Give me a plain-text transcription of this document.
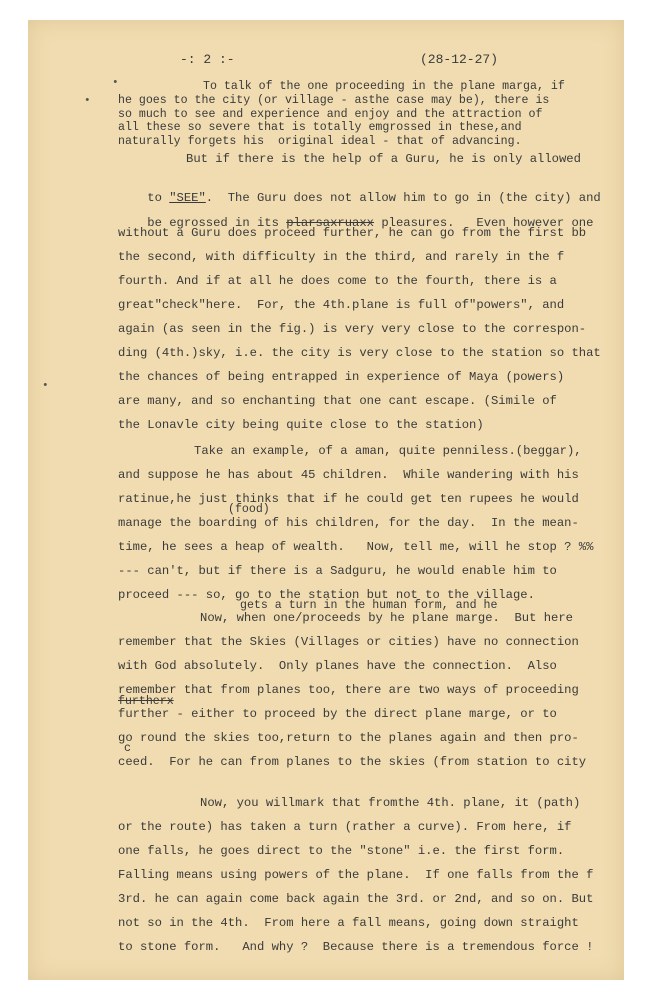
-: 2 :-	(28-12-27)
•
•
•
To talk of the one proceeding in the plane marga, if
he goes to the city (or village - asthe case may be), there is
so much to see and experience and enjoy and the attraction of
all these so severe that is totally emgrossed in these,and
naturally forgets his  original ideal - that of advancing.
But if there is the help of a Guru, he is only allowed

to "SEE".  The Guru does not allow him to go in (the city) and

be egrossed in its plarsaxruaxx pleasures.   Even however one

without a Guru does proceed further, he can go from the first bb
the second, with difficulty in the third, and rarely in the f
fourth. And if at all he does come to the fourth, there is a
great"check"here.  For, the 4th.plane is full of"powers", and
again (as seen in the fig.) is very very close to the correspon-
ding (4th.)sky, i.e. the city is very close to the station so that
the chances of being entrapped in experience of Maya (powers)
are many, and so enchanting that one cant escape. (Simile of
the Lonavle city being quite close to the station)
Take an example, of a aman, quite penniless.(beggar),
and suppose he has about 45 children.  While wandering with his
ratinue,he just thinks that if he could get ten rupees he would
(food)
manage the boarding of his children, for the day.  In the mean-
time, he sees a heap of wealth.   Now, tell me, will he stop ? %%
--- can't, but if there is a Sadguru, he would enable him to
proceed --- so, go to the station but not to the village.
gets a turn in the human form, and he
Now, when one/proceeds by he plane marge.  But here
remember that the Skies (Villages or cities) have no connection
with God absolutely.  Only planes have the connection.  Also
remember that from planes too, there are two ways of proceeding
furtherx
further - either to proceed by the direct plane marge, or to
go round the skies too,return to the planes again and then pro-
c
ceed.  For he can from planes to the skies (from station to city
Now, you willmark that fromthe 4th. plane, it (path)
or the route) has taken a turn (rather a curve). From here, if
one falls, he goes direct to the "stone" i.e. the first form.
Falling means using powers of the plane.  If one falls from the f
3rd. he can again come back again the 3rd. or 2nd, and so on. But
not so in the 4th.  From here a fall means, going down straight
to stone form.   And why ?  Because there is a tremendous force !
